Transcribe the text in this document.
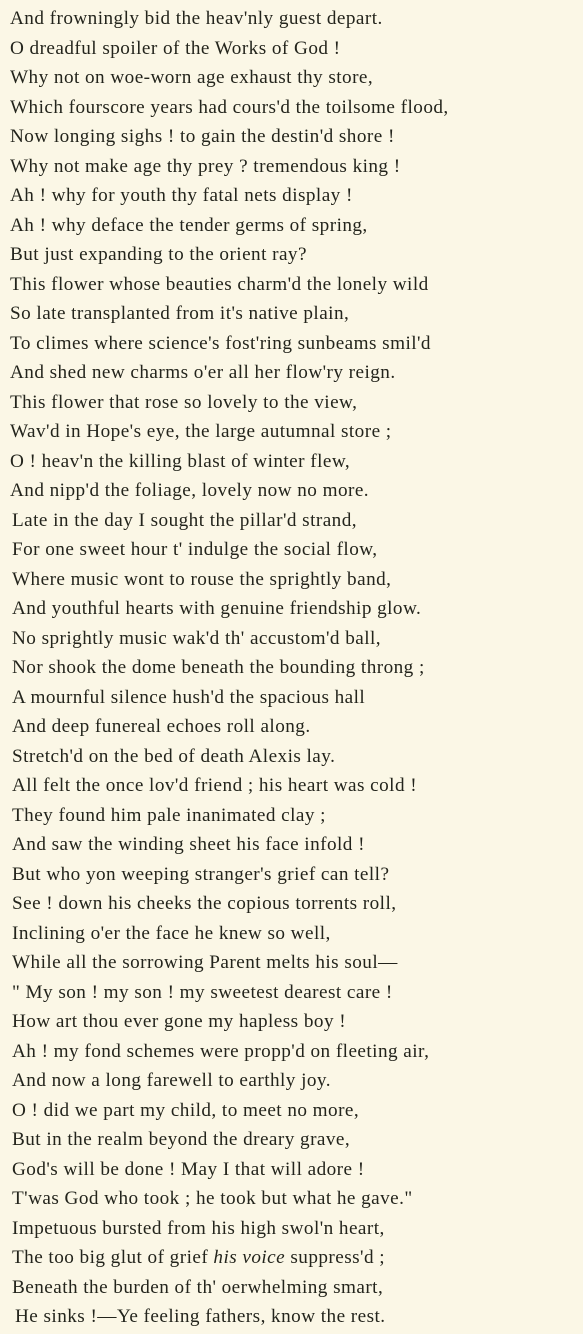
And frowningly bid the heav'nly guest depart.
O dreadful spoiler of the Works of God !
Why not on woe-worn age exhaust thy store,
Which fourscore years had cours'd the toilsome flood,
Now longing sighs ! to gain the destin'd shore !
Why not make age thy prey ? tremendous king !
Ah ! why for youth thy fatal nets display !
Ah ! why deface the tender germs of spring,
But just expanding to the orient ray?
This flower whose beauties charm'd the lonely wild
So late transplanted from it's native plain,
To climes where science's fost'ring sunbeams smil'd
And shed new charms o'er all her flow'ry reign.
This flower that rose so lovely to the view,
Wav'd in Hope's eye, the large autumnal store ;
O ! heav'n the killing blast of winter flew,
And nipp'd the foliage, lovely now no more.
Late in the day I sought the pillar'd strand,
For one sweet hour t' indulge the social flow,
Where music wont to rouse the sprightly band,
And youthful hearts with genuine friendship glow.
No sprightly music wak'd th' accustom'd ball,
Nor shook the dome beneath the bounding throng ;
A mournful silence hush'd the spacious hall
And deep funereal echoes roll along.
Stretch'd on the bed of death Alexis lay.
All felt the once lov'd friend ; his heart was cold !
They found him pale inanimated clay ;
And saw the winding sheet his face infold !
But who yon weeping stranger's grief can tell?
See ! down his cheeks the copious torrents roll,
Inclining o'er the face he knew so well,
While all the sorrowing Parent melts his soul—
" My son ! my son ! my sweetest dearest care !
How art thou ever gone my hapless boy !
Ah ! my fond schemes were propp'd on fleeting air,
And now a long farewell to earthly joy.
O ! did we part my child, to meet no more,
But in the realm beyond the dreary grave,
God's will be done ! May I that will adore !
T'was God who took ; he took but what he gave."
Impetuous bursted from his high swol'n heart,
The too big glut of grief his voice suppress'd ;
Beneath the burden of th' oerwhelming smart,
He sinks !—Ye feeling fathers, know the rest.
